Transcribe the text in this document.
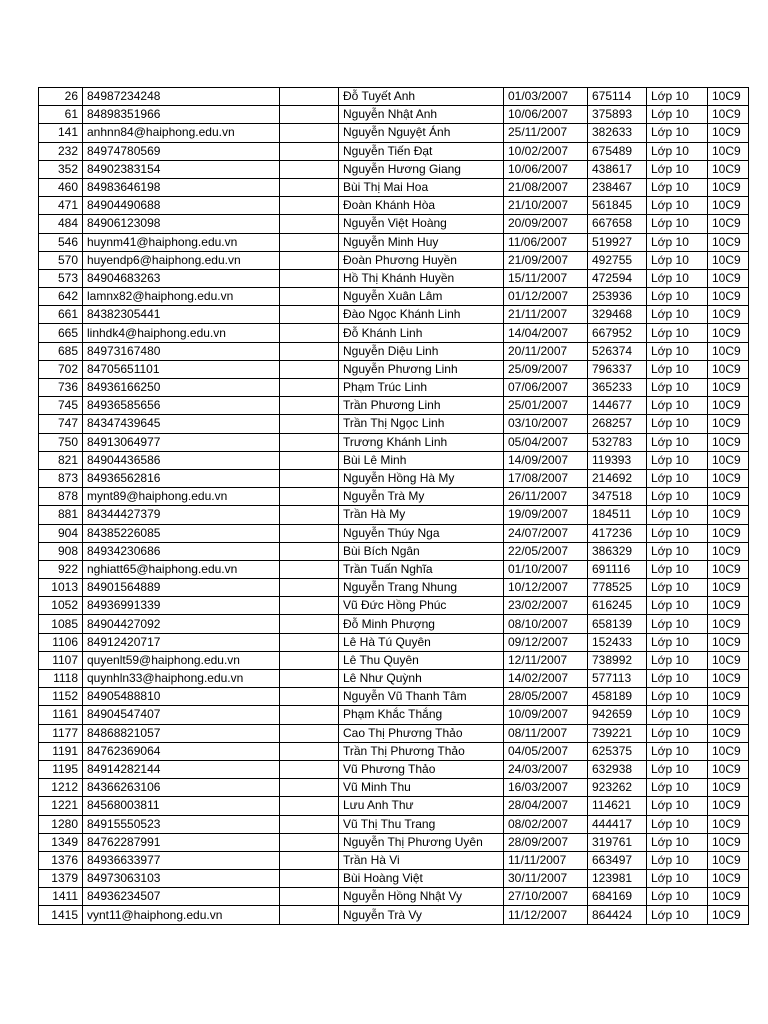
26	84987234248		Đỗ Tuyết Anh	01/03/2007	675114	Lớp 10	10C9
61	84898351966		Nguyễn Nhật Anh	10/06/2007	375893	Lớp 10	10C9
141	anhnn84@haiphong.edu.vn		Nguyễn Nguyệt Ánh	25/11/2007	382633	Lớp 10	10C9
232	84974780569		Nguyễn Tiến Đạt	10/02/2007	675489	Lớp 10	10C9
352	84902383154		Nguyễn Hương Giang	10/06/2007	438617	Lớp 10	10C9
460	84983646198		Bùi Thị Mai Hoa	21/08/2007	238467	Lớp 10	10C9
471	84904490688		Đoàn Khánh Hòa	21/10/2007	561845	Lớp 10	10C9
484	84906123098		Nguyễn Việt Hoàng	20/09/2007	667658	Lớp 10	10C9
546	huynm41@haiphong.edu.vn		Nguyễn Minh Huy	11/06/2007	519927	Lớp 10	10C9
570	huyendp6@haiphong.edu.vn		Đoàn Phương Huyền	21/09/2007	492755	Lớp 10	10C9
573	84904683263		Hồ Thị Khánh Huyền	15/11/2007	472594	Lớp 10	10C9
642	lamnx82@haiphong.edu.vn		Nguyễn Xuân Lâm	01/12/2007	253936	Lớp 10	10C9
661	84382305441		Đào Ngọc Khánh Linh	21/11/2007	329468	Lớp 10	10C9
665	linhdk4@haiphong.edu.vn		Đỗ Khánh Linh	14/04/2007	667952	Lớp 10	10C9
685	84973167480		Nguyễn Diệu Linh	20/11/2007	526374	Lớp 10	10C9
702	84705651101		Nguyễn Phương Linh	25/09/2007	796337	Lớp 10	10C9
736	84936166250		Phạm Trúc Linh	07/06/2007	365233	Lớp 10	10C9
745	84936585656		Trần Phương Linh	25/01/2007	144677	Lớp 10	10C9
747	84347439645		Trần Thị Ngọc Linh	03/10/2007	268257	Lớp 10	10C9
750	84913064977		Trương Khánh Linh	05/04/2007	532783	Lớp 10	10C9
821	84904436586		Bùi Lê Minh	14/09/2007	119393	Lớp 10	10C9
873	84936562816		Nguyễn Hồng Hà My	17/08/2007	214692	Lớp 10	10C9
878	mynt89@haiphong.edu.vn		Nguyễn Trà My	26/11/2007	347518	Lớp 10	10C9
881	84344427379		Trần Hà My	19/09/2007	184511	Lớp 10	10C9
904	84385226085		Nguyễn Thúy Nga	24/07/2007	417236	Lớp 10	10C9
908	84934230686		Bùi Bích Ngân	22/05/2007	386329	Lớp 10	10C9
922	nghiatt65@haiphong.edu.vn		Trần Tuấn Nghĩa	01/10/2007	691116	Lớp 10	10C9
1013	84901564889		Nguyễn Trang Nhung	10/12/2007	778525	Lớp 10	10C9
1052	84936991339		Vũ Đức Hồng Phúc	23/02/2007	616245	Lớp 10	10C9
1085	84904427092		Đỗ Minh Phượng	08/10/2007	658139	Lớp 10	10C9
1106	84912420717		Lê Hà Tú Quyên	09/12/2007	152433	Lớp 10	10C9
1107	quyenlt59@haiphong.edu.vn		Lê Thu Quyên	12/11/2007	738992	Lớp 10	10C9
1118	quynhln33@haiphong.edu.vn		Lê Như Quỳnh	14/02/2007	577113	Lớp 10	10C9
1152	84905488810		Nguyễn Vũ Thanh Tâm	28/05/2007	458189	Lớp 10	10C9
1161	84904547407		Phạm Khắc Thắng	10/09/2007	942659	Lớp 10	10C9
1177	84868821057		Cao Thị Phương Thảo	08/11/2007	739221	Lớp 10	10C9
1191	84762369064		Trần Thị Phương Thảo	04/05/2007	625375	Lớp 10	10C9
1195	84914282144		Vũ Phương Thảo	24/03/2007	632938	Lớp 10	10C9
1212	84366263106		Vũ Minh Thu	16/03/2007	923262	Lớp 10	10C9
1221	84568003811		Lưu Anh Thư	28/04/2007	114621	Lớp 10	10C9
1280	84915550523		Vũ Thị Thu Trang	08/02/2007	444417	Lớp 10	10C9
1349	84762287991		Nguyễn Thị Phương Uyên	28/09/2007	319761	Lớp 10	10C9
1376	84936633977		Trần Hà Vi	11/11/2007	663497	Lớp 10	10C9
1379	84973063103		Bùi Hoàng Việt	30/11/2007	123981	Lớp 10	10C9
1411	84936234507		Nguyễn Hồng Nhật Vy	27/10/2007	684169	Lớp 10	10C9
1415	vynt11@haiphong.edu.vn		Nguyễn Trà Vy	11/12/2007	864424	Lớp 10	10C9
